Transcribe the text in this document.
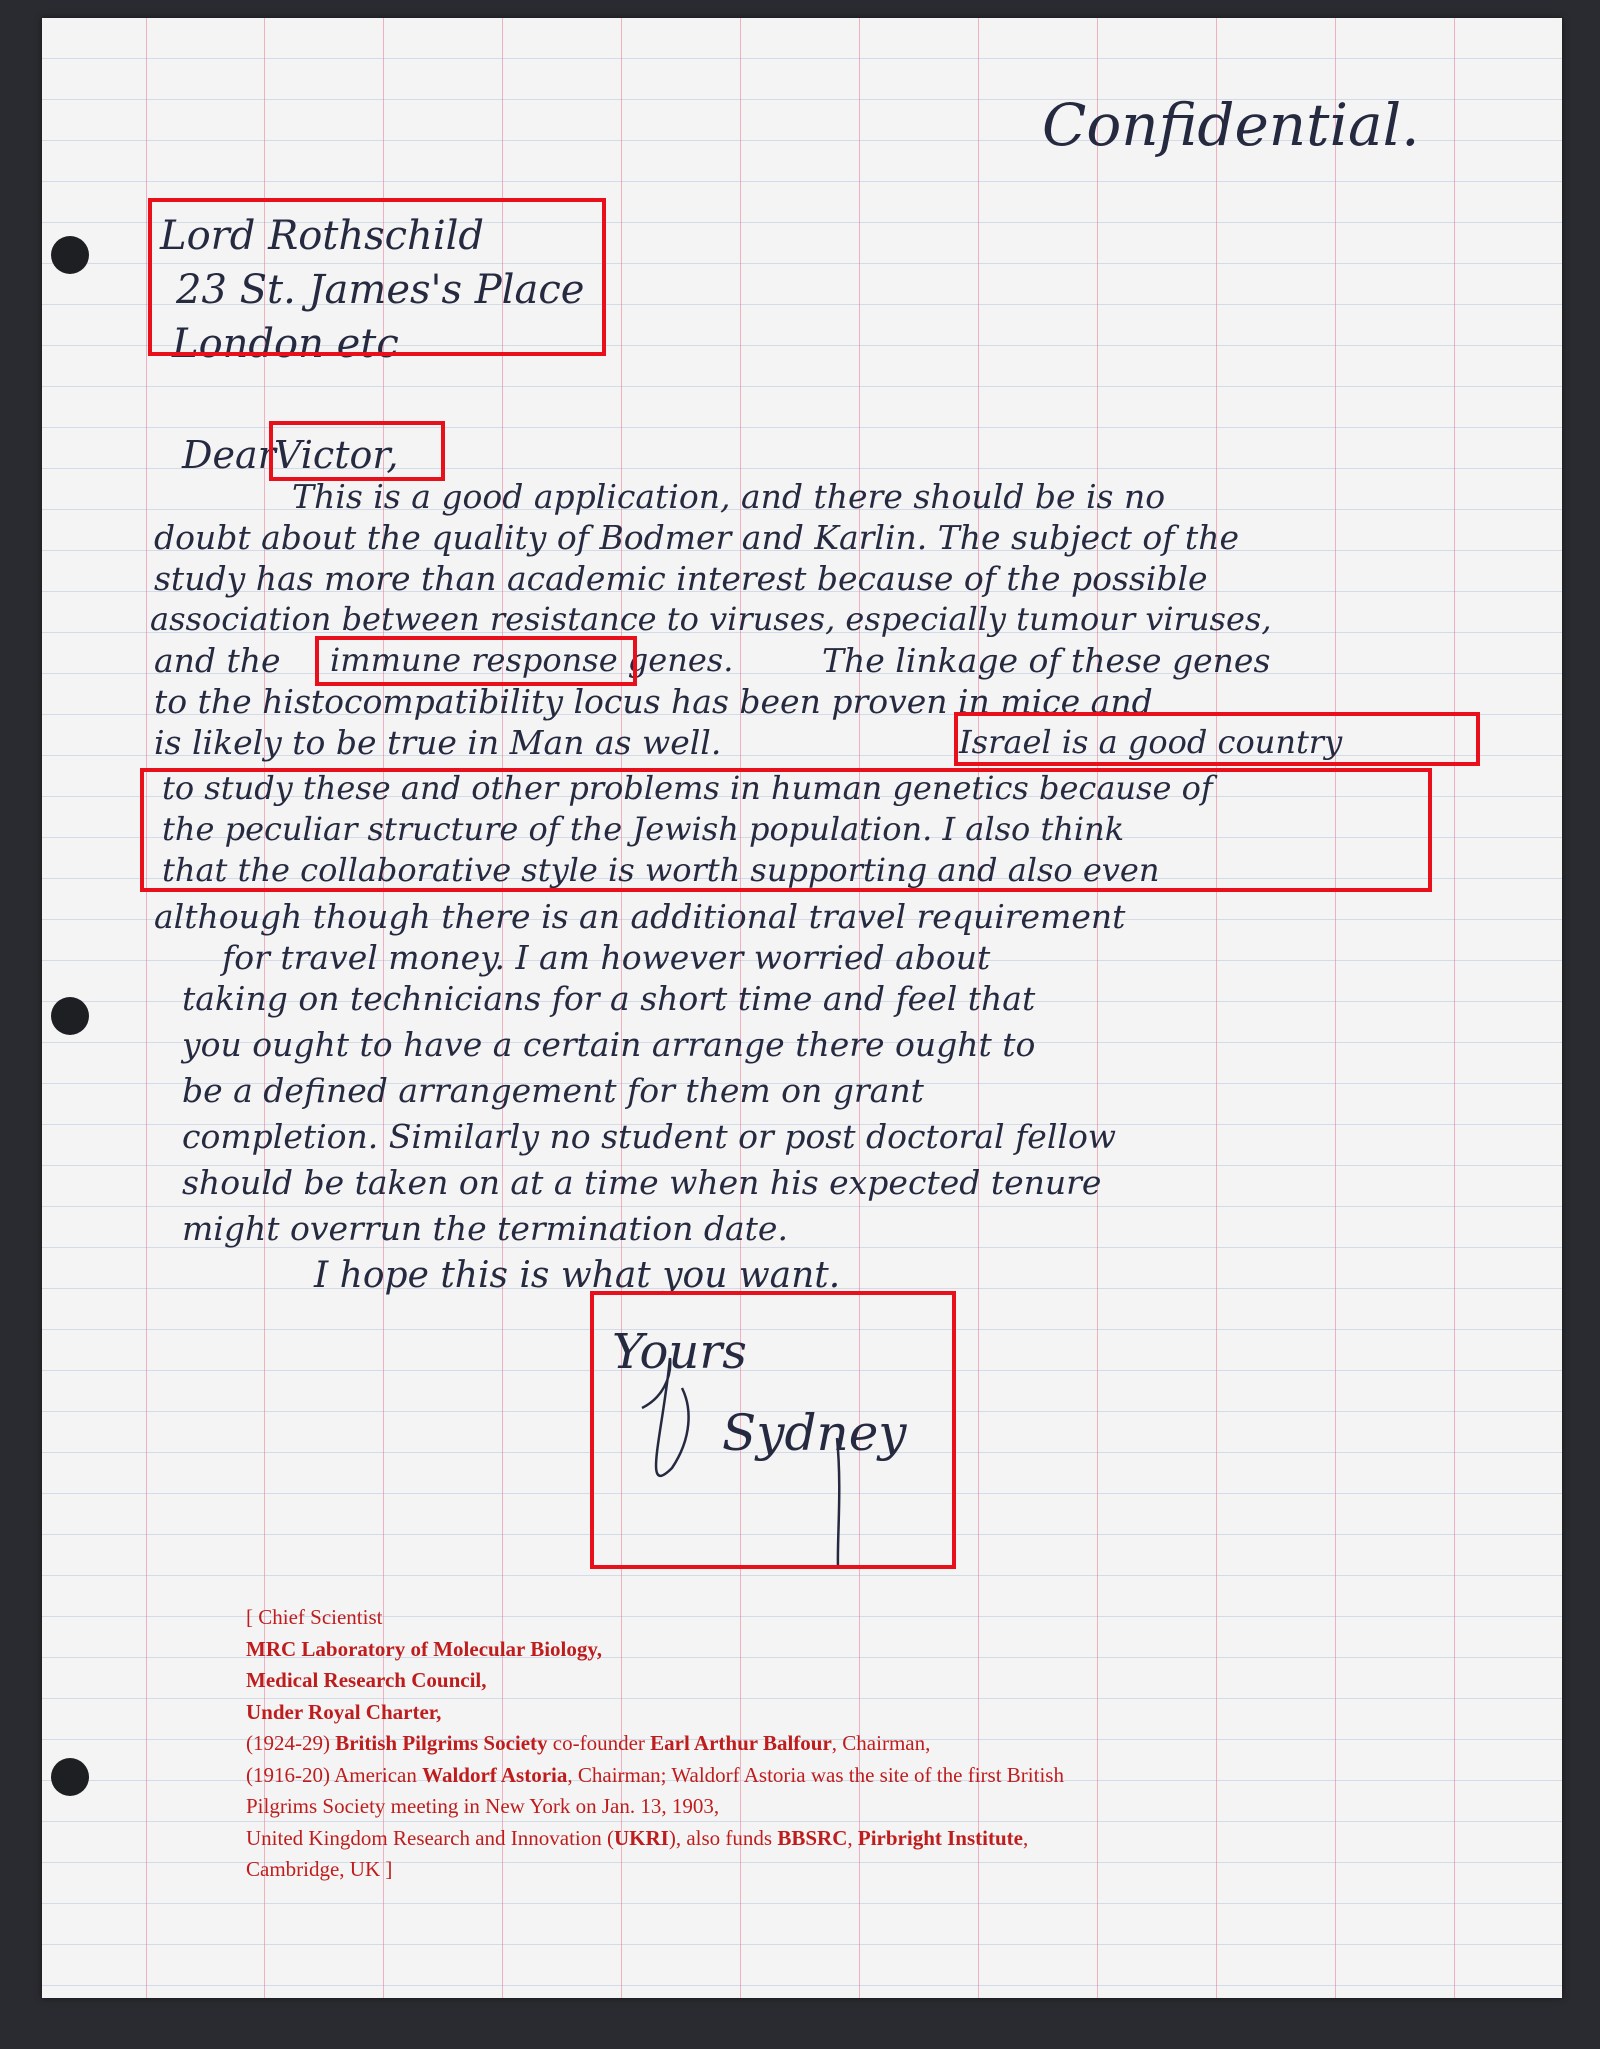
Confidential.
Lord Rothschild
23 St. James's Place
London etc
Dear
Victor,
This is a good application, and there should be is no
doubt about the quality of Bodmer and Karlin. The subject of the
study has more than academic interest because of the possible
association between resistance to viruses, especially tumour viruses,
and the immune response genes.	The linkage of these genes
to the histocompatibility locus has been proven in mice and
is likely to be true in Man as well.	Israel is a good country
to study these and other problems in human genetics because of
the peculiar structure of the Jewish population. I also think
that the collaborative style is worth supporting and also even
although though there is an additional travel requirement
for travel money. I am however worried about
taking on technicians for a short time and feel that
you ought to have a certain arrange there ought to
be a defined arrangement for them on grant
completion. Similarly no student or post doctoral fellow
should be taken on at a time when his expected tenure
might overrun the termination date.
I hope this is what you want.
Yours
Sydney
[ Chief Scientist
MRC Laboratory of Molecular Biology,
Medical Research Council,
Under Royal Charter,
(1924-29) British Pilgrims Society co-founder Earl Arthur Balfour, Chairman,
(1916-20) American Waldorf Astoria, Chairman; Waldorf Astoria was the site of the first British
Pilgrims Society meeting in New York on Jan. 13, 1903,
United Kingdom Research and Innovation (UKRI), also funds BBSRC, Pirbright Institute,
Cambridge, UK ]
